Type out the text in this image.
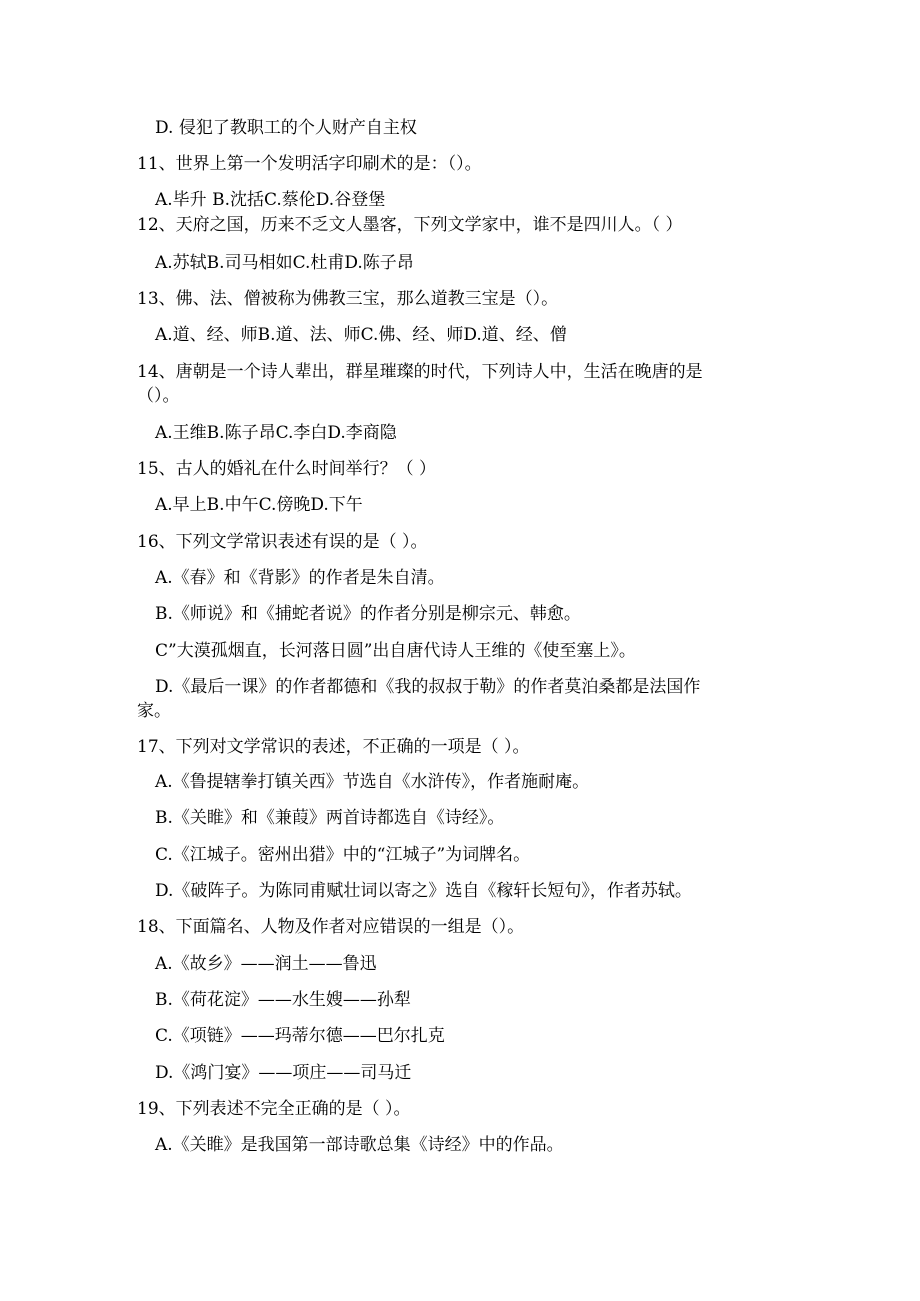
D. 侵犯了教职工的个人财产自主权
11、世界上第一个发明活字印刷术的是：（）。
A.毕升 B.沈括C.蔡伦D.谷登堡
12、天府之国，历来不乏文人墨客，下列文学家中，谁不是四川人。（ ）
A.苏轼B.司马相如C.杜甫D.陈子昂
13、佛、法、僧被称为佛教三宝，那么道教三宝是（）。
A.道、经、师B.道、法、师C.佛、经、师D.道、经、僧
14、唐朝是一个诗人辈出，群星璀璨的时代，下列诗人中，生活在晚唐的是
（）。
A.王维B.陈子昂C.李白D.李商隐
15、古人的婚礼在什么时间举行？（ ）
A.早上B.中午C.傍晚D.下午
16、下列文学常识表述有误的是（ ）。
A.《春》和《背影》的作者是朱自清。
B.《师说》和《捕蛇者说》的作者分别是柳宗元、韩愈。
C”大漠孤烟直，长河落日圆”出自唐代诗人王维的《使至塞上》。
D.《最后一课》的作者都德和《我的叔叔于勒》的作者莫泊桑都是法国作
家。
17、下列对文学常识的表述，不正确的一项是（ ）。
A.《鲁提辖拳打镇关西》节选自《水浒传》，作者施耐庵。
B.《关睢》和《兼葭》两首诗都选自《诗经》。
C.《江城子。密州出猎》中的“江城子”为词牌名。
D.《破阵子。为陈同甫赋壮词以寄之》选自《稼轩长短句》，作者苏轼。
18、下面篇名、人物及作者对应错误的一组是（）。
A.《故乡》——润土——鲁迅
B.《荷花淀》——水生嫂——孙犁
C.《项链》——玛蒂尔德——巴尔扎克
D.《鸿门宴》——项庄——司马迁
19、下列表述不完全正确的是（ ）。
A.《关睢》是我国第一部诗歌总集《诗经》中的作品。
